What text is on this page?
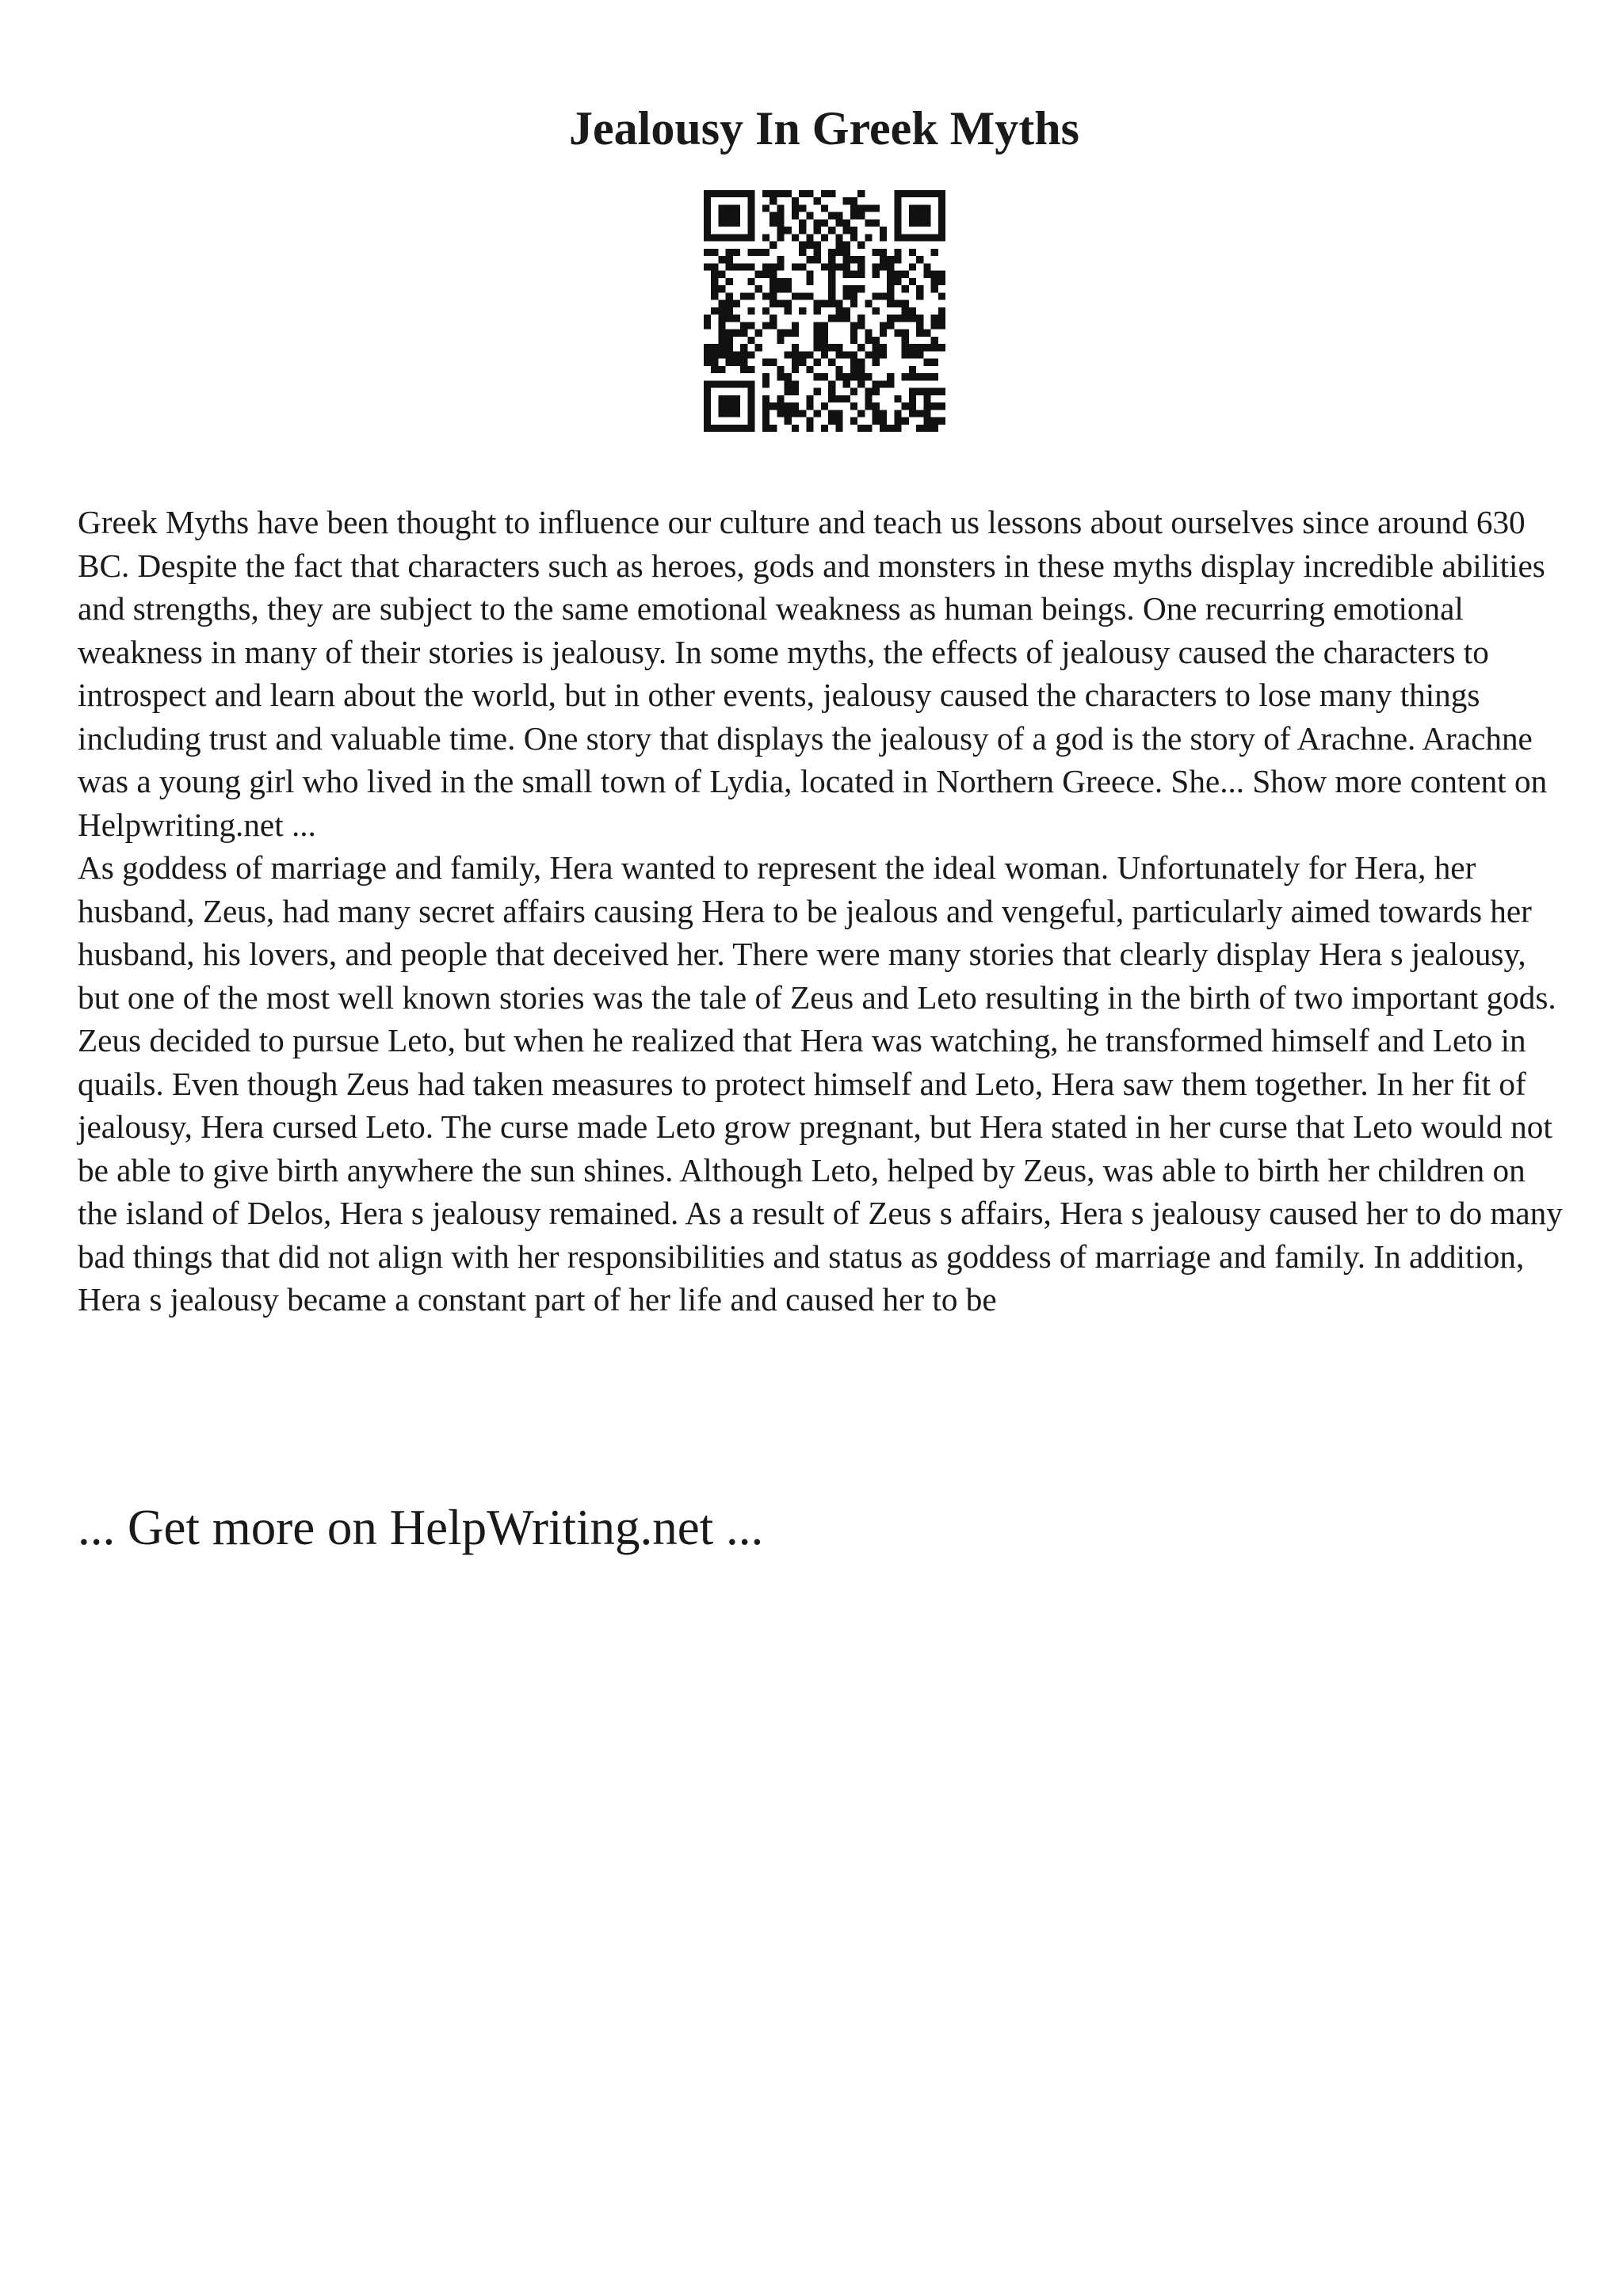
Jealousy In Greek Myths

Greek Myths have been thought to influence our culture and teach us lessons about ourselves since around 630 BC. Despite the fact that characters such as heroes, gods and monsters in these myths display incredible abilities and strengths, they are subject to the same emotional weakness as human beings. One recurring emotional weakness in many of their stories is jealousy. In some myths, the effects of jealousy caused the characters to introspect and learn about the world, but in other events, jealousy caused the characters to lose many things including trust and valuable time. One story that displays the jealousy of a god is the story of Arachne. Arachne was a young girl who lived in the small town of Lydia, located in Northern Greece. She... Show more content on Helpwriting.net ...

As goddess of marriage and family, Hera wanted to represent the ideal woman. Unfortunately for Hera, her husband, Zeus, had many secret affairs causing Hera to be jealous and vengeful, particularly aimed towards her husband, his lovers, and people that deceived her. There were many stories that clearly display Hera s jealousy, but one of the most well known stories was the tale of Zeus and Leto resulting in the birth of two important gods. Zeus decided to pursue Leto, but when he realized that Hera was watching, he transformed himself and Leto in quails. Even though Zeus had taken measures to protect himself and Leto, Hera saw them together. In her fit of jealousy, Hera cursed Leto. The curse made Leto grow pregnant, but Hera stated in her curse that Leto would not be able to give birth anywhere the sun shines. Although Leto, helped by Zeus, was able to birth her children on the island of Delos, Hera s jealousy remained. As a result of Zeus s affairs, Hera s jealousy caused her to do many bad things that did not align with her responsibilities and status as goddess of marriage and family. In addition, Hera s jealousy became a constant part of her life and caused her to be

... Get more on HelpWriting.net ...
